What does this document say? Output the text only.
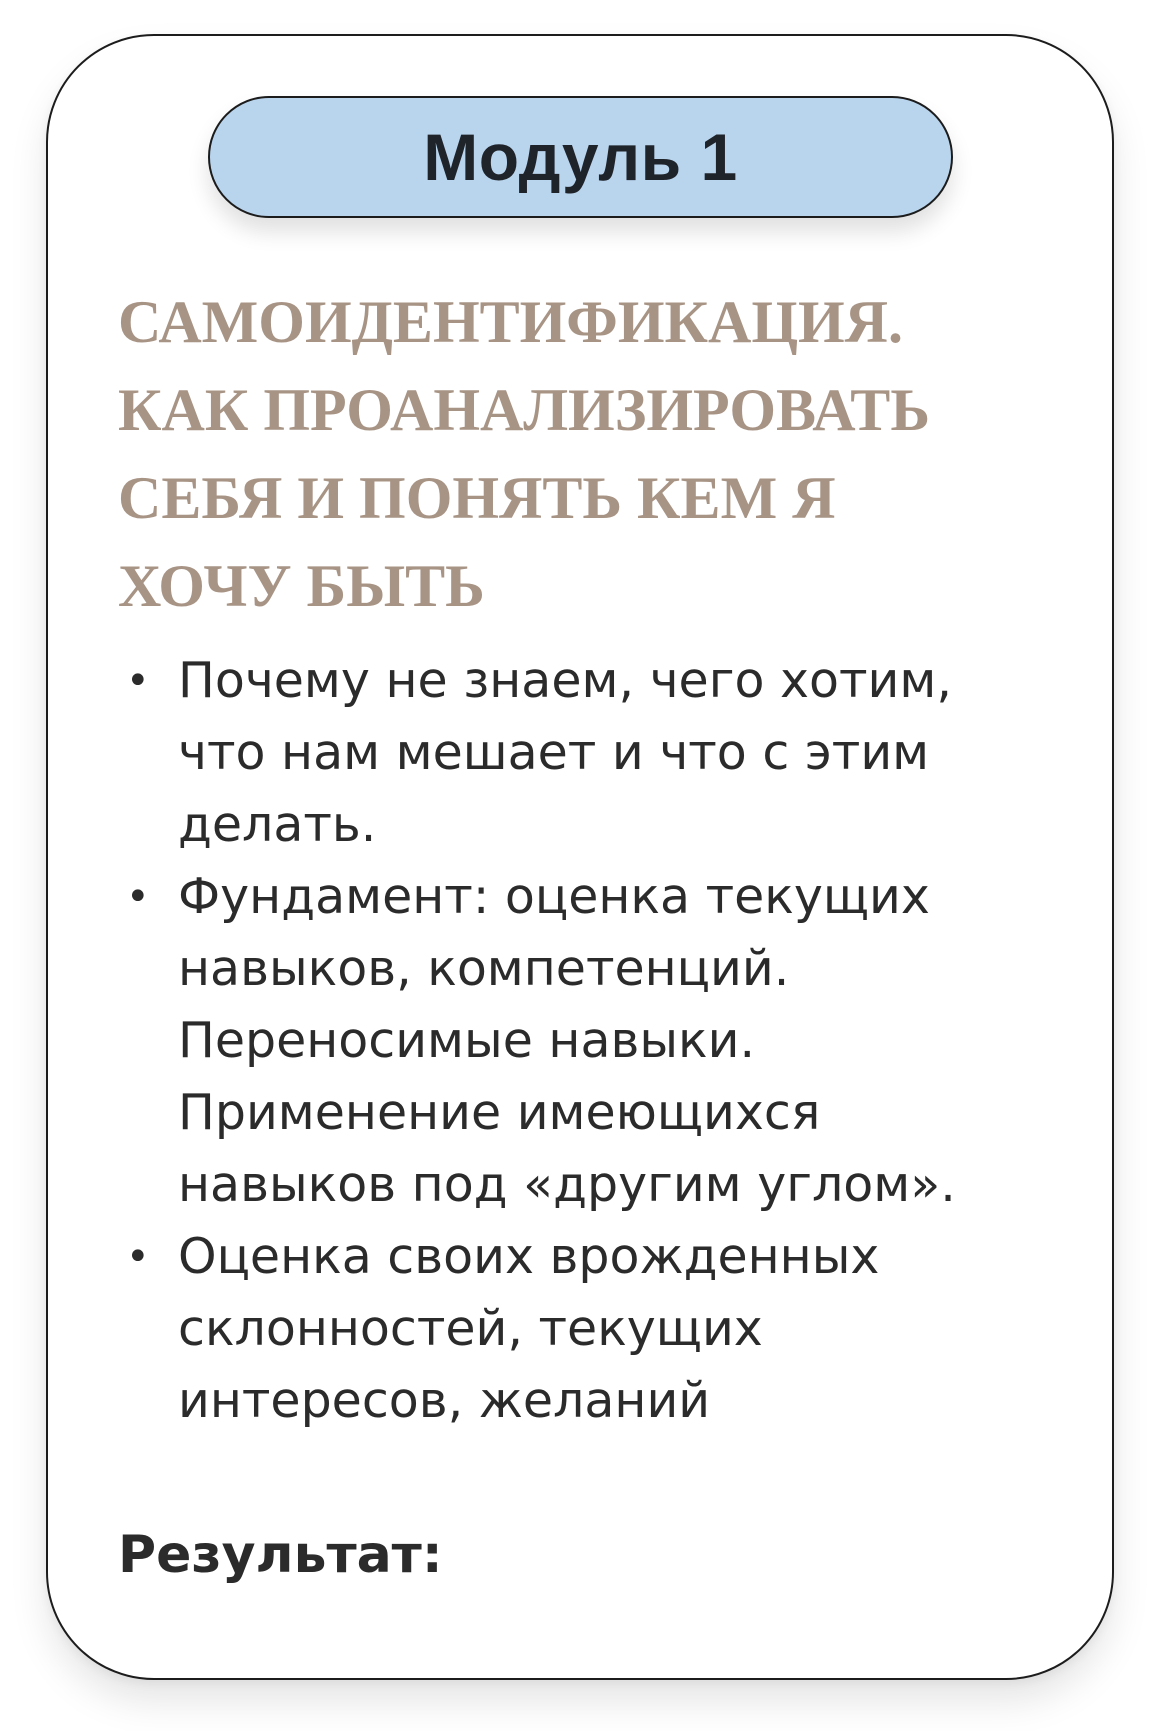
Модуль 1
САМОИДЕНТИФИКАЦИЯ.
КАК ПРОАНАЛИЗИРОВАТЬ
СЕБЯ И ПОНЯТЬ КЕМ Я
ХОЧУ БЫТЬ
• Почему не знаем, чего хотим,
что нам мешает и что с этим
делать.
• Фундамент: оценка текущих
навыков, компетенций.
Переносимые навыки.
Применение имеющихся
навыков под «другим углом».
• Оценка своих врожденных
склонностей, текущих
интересов, желаний
Результат:
